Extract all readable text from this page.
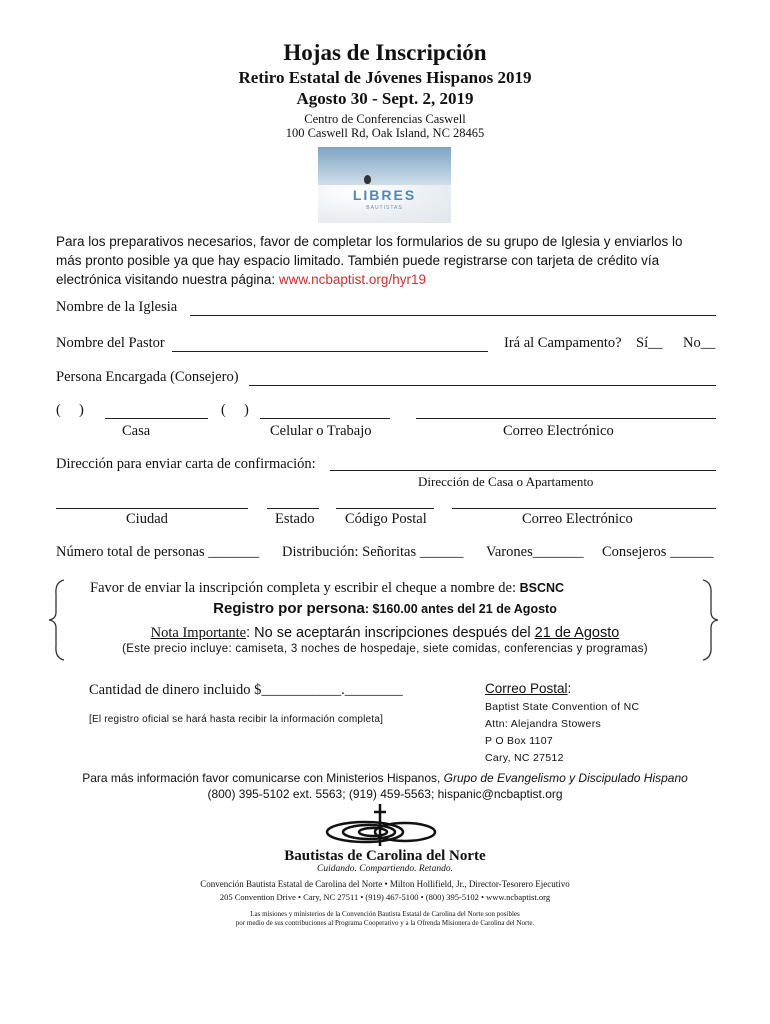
Hojas de Inscripción
Retiro Estatal de Jóvenes Hispanos 2019
Agosto 30 - Sept. 2, 2019
Centro de Conferencias Caswell
100 Caswell Rd, Oak Island, NC 28465
LIBRES
BAUTISTAS
Para los preparativos necesarios, favor de completar los formularios de su grupo de Iglesia y enviarlos lo
más pronto posible ya que hay espacio limitado. También puede registrarse con tarjeta de crédito vía
electrónica visitando nuestra página: www.ncbaptist.org/hyr19
Nombre de la Iglesia
Nombre del Pastor	Irá al Campamento? Sí__ No__
Persona Encargada (Consejero)
(     )	(     )
Casa	Celular o Trabajo	Correo Electrónico
Dirección para enviar carta de confirmación:
Dirección de Casa o Apartamento
Ciudad	Estado Código Postal	Correo Electrónico
Número total de personas _______ Distribución: Señoritas ______ Varones_______ Consejeros ______
Favor de enviar la inscripción completa y escribir el cheque a nombre de: BSCNC
Registro por persona: $160.00 antes del 21 de Agosto
Nota Importante: No se aceptarán inscripciones después del 21 de Agosto
(Este precio incluye: camiseta, 3 noches de hospedaje, siete comidas, conferencias y programas)
Cantidad de dinero incluido $___________.________
[El registro oficial se hará hasta recibir la información completa]
Correo Postal:
Baptist State Convention of NC
Attn: Alejandra Stowers
P O Box 1107
Cary, NC 27512
Para más información favor comunicarse con Ministerios Hispanos, Grupo de Evangelismo y Discipulado Hispano
(800) 395-5102 ext. 5563; (919) 459-5563; hispanic@ncbaptist.org
Bautistas de Carolina del Norte
Cuidando. Compartiendo. Retando.
Convención Bautista Estatal de Carolina del Norte • Milton Hollifield, Jr., Director-Tesorero Ejecutivo
205 Convention Drive • Cary, NC 27511 • (919) 467-5100 • (800) 395-5102 • www.ncbaptist.org
Las misiones y ministerios de la Convención Bautista Estatal de Carolina del Norte son posibles
por medio de sus contribuciones al Programa Cooperativo y a la Ofrenda Misionera de Carolina del Norte.
